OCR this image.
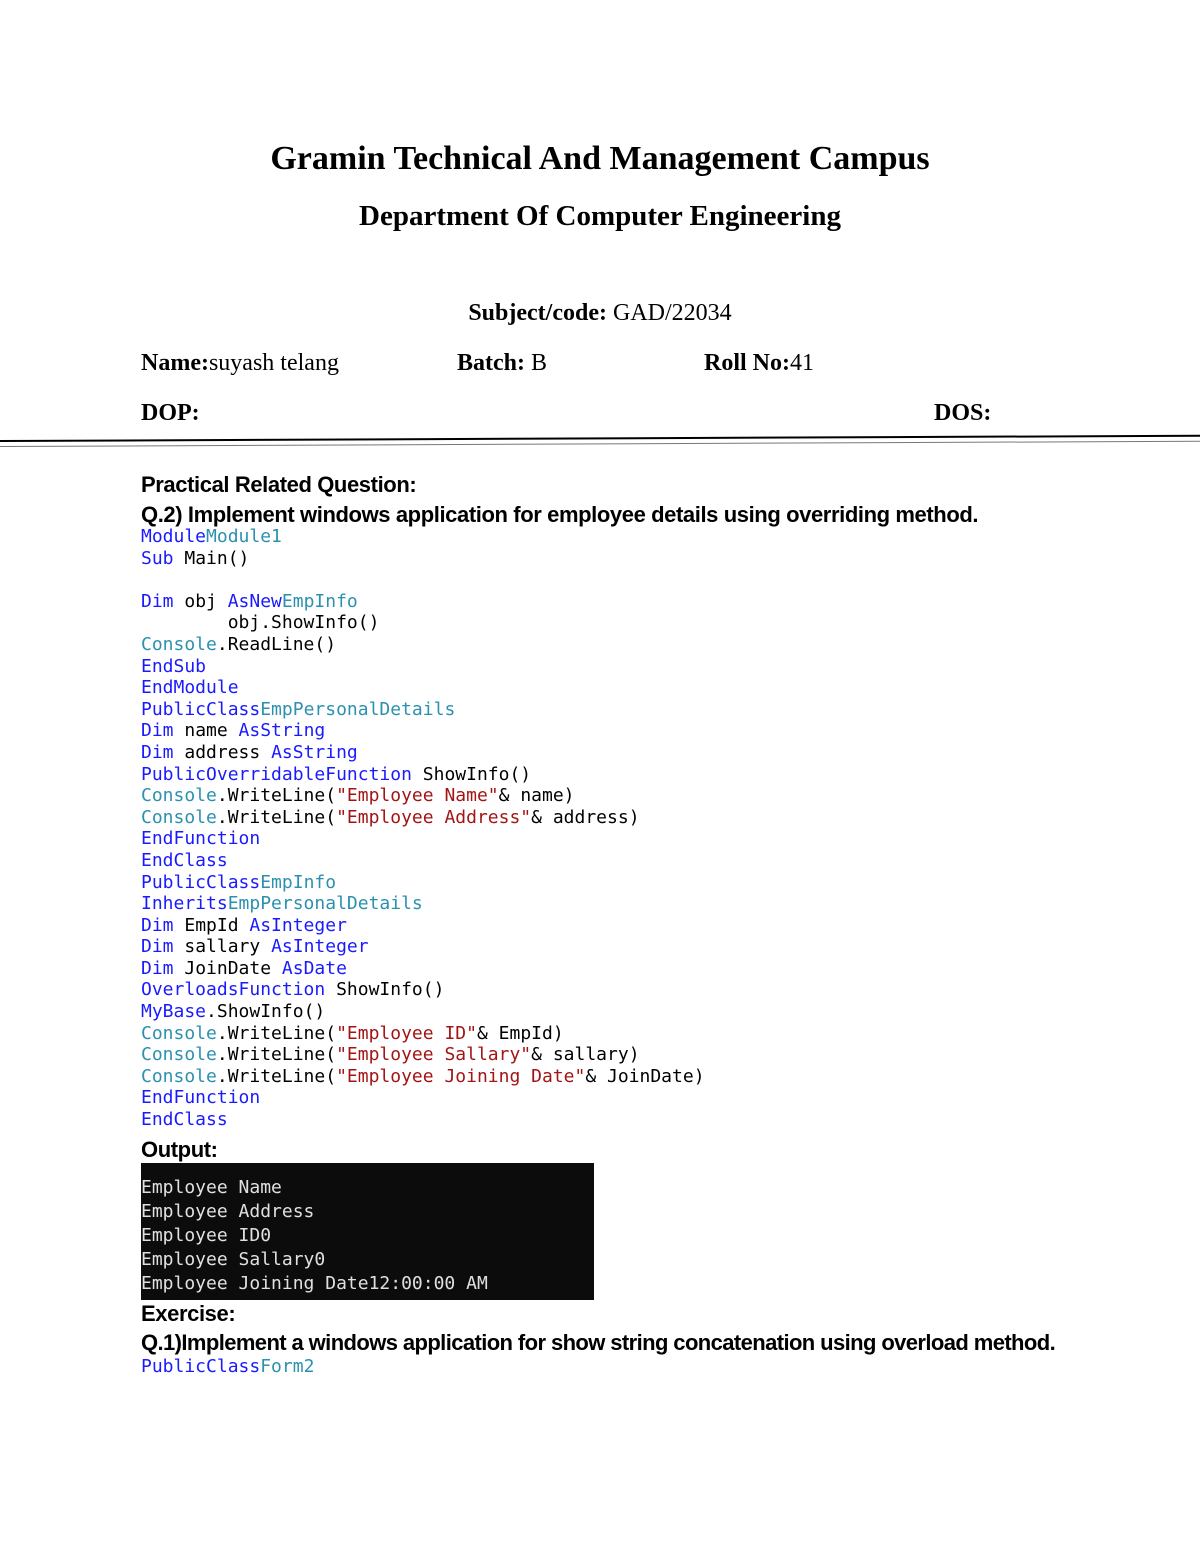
Gramin Technical And Management Campus
Department Of Computer Engineering
Subject/code: GAD/22034
Name:suyash telang	Batch: B	Roll No:41
DOP:	DOS:
Practical Related Question:
Q.2) Implement windows application for employee details using overriding method.
ModuleModule1
Sub Main()

Dim obj AsNewEmpInfo
obj.ShowInfo()
Console.ReadLine()
EndSub
EndModule
PublicClassEmpPersonalDetails
Dim name AsString
Dim address AsString
PublicOverridableFunction ShowInfo()
Console.WriteLine("Employee Name"& name)
Console.WriteLine("Employee Address"& address)
EndFunction
EndClass
PublicClassEmpInfo
InheritsEmpPersonalDetails
Dim EmpId AsInteger
Dim sallary AsInteger
Dim JoinDate AsDate
OverloadsFunction ShowInfo()
MyBase.ShowInfo()
Console.WriteLine("Employee ID"& EmpId)
Console.WriteLine("Employee Sallary"& sallary)
Console.WriteLine("Employee Joining Date"& JoinDate)
EndFunction
EndClass
Output:
Employee Name
Employee Address
Employee ID0
Employee Sallary0
Employee Joining Date12:00:00 AM
Exercise:
Q.1)Implement a windows application for show string concatenation using overload method.
PublicClassForm2
